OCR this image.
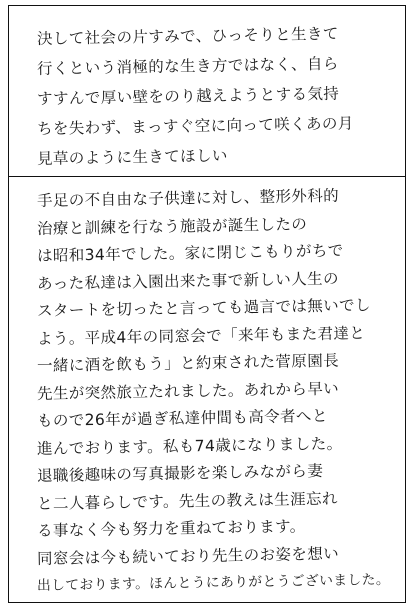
決して社会の片すみで、ひっそりと生きて
行くという消極的な生き方ではなく、自ら
すすんで厚い壁をのり越えようとする気持
ちを失わず、まっすぐ空に向って咲くあの月
見草のように生きてほしい
手足の不自由な子供達に対し、整形外科的
治療と訓練を行なう施設が誕生したの
は昭和34年でした。家に閉じこもりがちで
あった私達は入園出来た事で新しい人生の
スタートを切ったと言っても過言では無いでし
よう。平成4年の同窓会で「来年もまた君達と
一緒に酒を飲もう」と約束された菅原園長
先生が突然旅立たれました。あれから早い
もので26年が過ぎ私達仲間も高令者へと
進んでおります。私も74歳になりました。
退職後趣味の写真撮影を楽しみながら妻
と二人暮らしです。先生の教えは生涯忘れ
る事なく今も努力を重ねております。
同窓会は今も続いており先生のお姿を想い
出しております。ほんとうにありがとうございました。
